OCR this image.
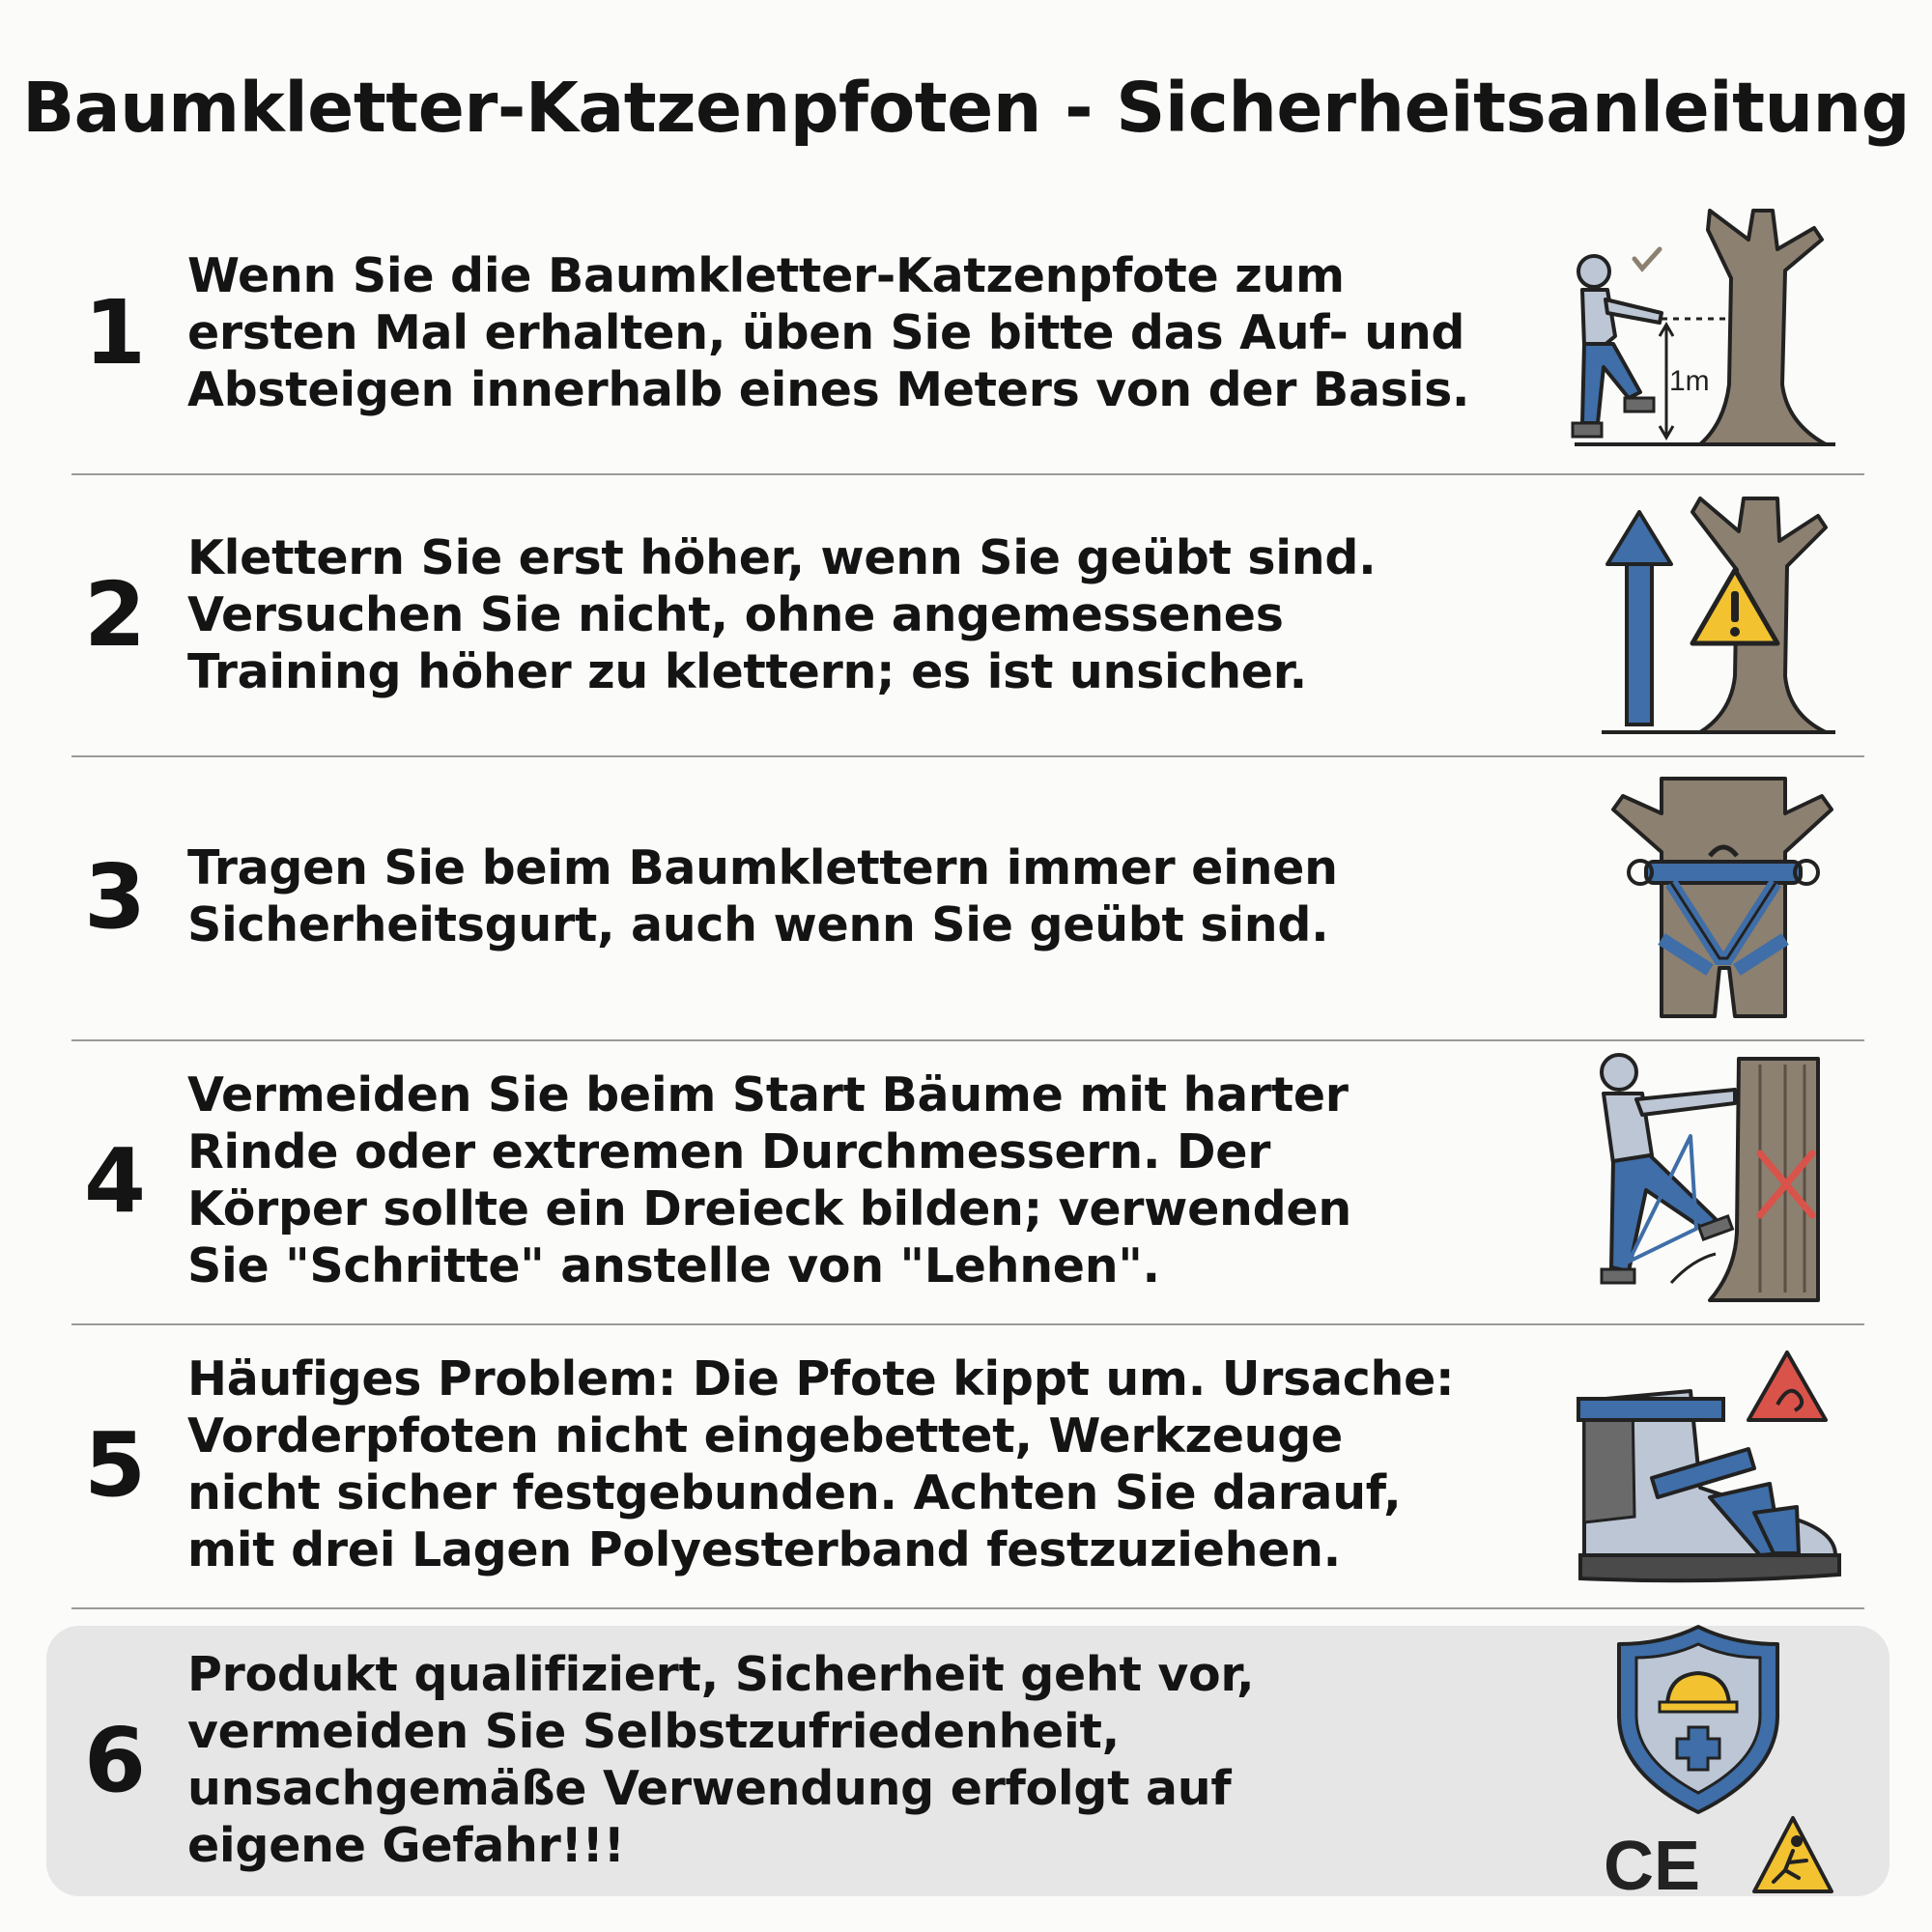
Baumkletter-Katzenpfoten - Sicherheitsanleitung
1
Wenn Sie die Baumkletter-Katzenpfote zum
ersten Mal erhalten, üben Sie bitte das Auf- und
Absteigen innerhalb eines Meters von der Basis.	1m
2
Klettern Sie erst höher, wenn Sie geübt sind.
Versuchen Sie nicht, ohne angemessenes
Training höher zu klettern; es ist unsicher.
3 Tragen Sie beim Baumklettern immer einen
Sicherheitsgurt, auch wenn Sie geübt sind.
4
Vermeiden Sie beim Start Bäume mit harter
Rinde oder extremen Durchmessern. Der
Körper sollte ein Dreieck bilden; verwenden
Sie "Schritte" anstelle von "Lehnen".
5
Häufiges Problem: Die Pfote kippt um. Ursache:
Vorderpfoten nicht eingebettet, Werkzeuge
nicht sicher festgebunden. Achten Sie darauf,
mit drei Lagen Polyesterband festzuziehen.
6
Produkt qualifiziert, Sicherheit geht vor,
vermeiden Sie Selbstzufriedenheit,
unsachgemäße Verwendung erfolgt auf
eigene Gefahr!!!	CE
